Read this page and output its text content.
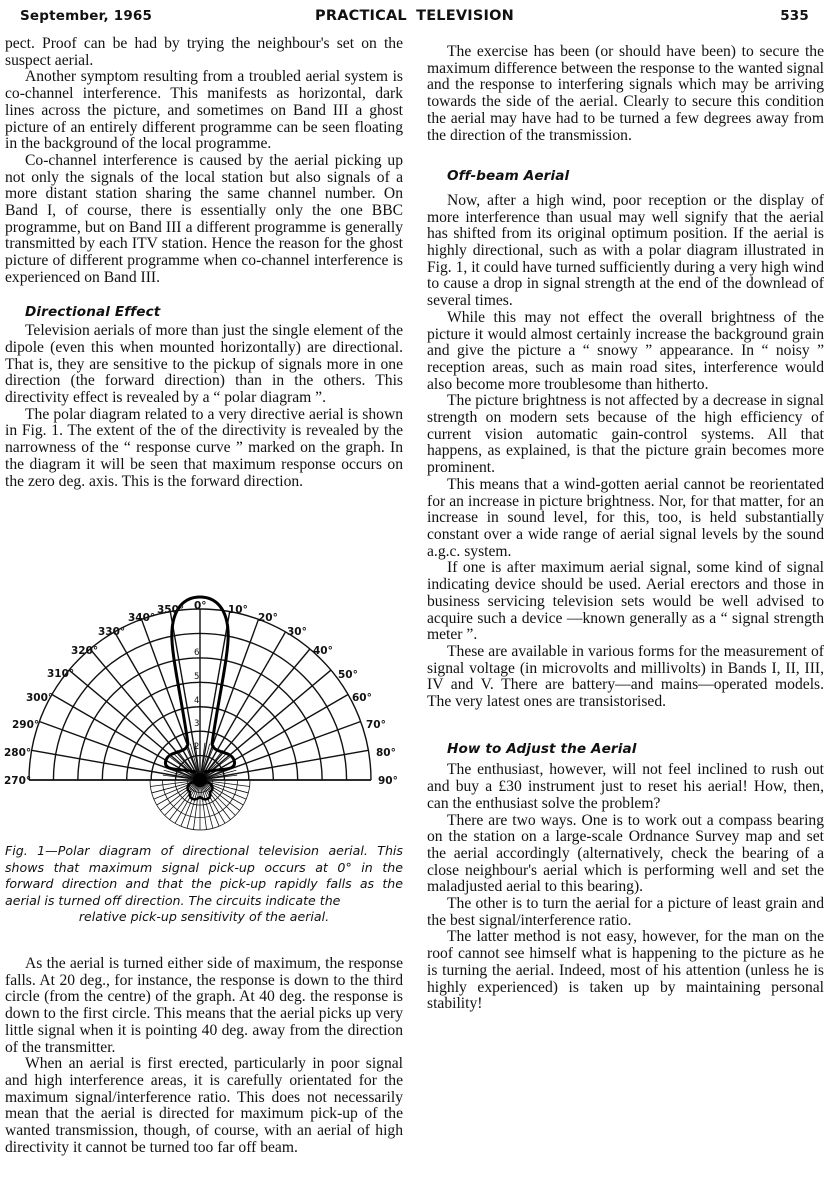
September, 1965	PRACTICAL TELEVISION	535

pect. Proof can be had by trying the neighbour's set on the suspect aerial.

Another symptom resulting from a troubled aerial system is co-channel interference. This manifests as horizontal, dark lines across the picture, and sometimes on Band III a ghost picture of an entirely different programme can be seen floating in the background of the local programme.

Co-channel interference is caused by the aerial picking up not only the signals of the local station but also signals of a more distant station sharing the same channel number. On Band I, of course, there is essentially only the one BBC programme, but on Band III a different programme is generally transmitted by each ITV station. Hence the reason for the ghost picture of different programme when co-channel interference is experienced on Band III.

Directional Effect

Television aerials of more than just the single element of the dipole (even this when mounted horizontally) are directional. That is, they are sensitive to the pickup of signals more in one direction (the forward direction) than in the others. This directivity effect is revealed by a “ polar diagram ”.

The polar diagram related to a very directive aerial is shown in Fig. 1. The extent of the of the directivity is revealed by the narrowness of the “ response curve ” marked on the graph. In the diagram it will be seen that maximum response occurs on the zero deg. axis. This is the forward direction.

270°
280°
290°
300°
310°
320°
330°
340°
350° 0° 10°
20°
30°
40°
50°
60°
70°
80°
90°
6
5
4
3
2
Fig. 1—Polar diagram of directional television aerial. This shows that maximum signal pick-up occurs at 0° in the forward direction and that the pick-up rapidly falls as the aerial is turned off direction. The circuits indicate the
relative pick-up sensitivity of the aerial.

As the aerial is turned either side of maximum, the response falls. At 20 deg., for instance, the response is down to the third circle (from the centre) of the graph. At 40 deg. the response is down to the first circle. This means that the aerial picks up very little signal when it is pointing 40 deg. away from the direction of the transmitter.

When an aerial is first erected, particularly in poor signal and high interference areas, it is carefully orientated for the maximum signal/interference ratio. This does not necessarily mean that the aerial is directed for maximum pick-up of the wanted transmission, though, of course, with an aerial of high directivity it cannot be turned too far off beam.

The exercise has been (or should have been) to secure the maximum difference between the response to the wanted signal and the response to interfering signals which may be arriving towards the side of the aerial. Clearly to secure this condition the aerial may have had to be turned a few degrees away from the direction of the transmission.

Off-beam Aerial

Now, after a high wind, poor reception or the display of more interference than usual may well signify that the aerial has shifted from its original optimum position. If the aerial is highly directional, such as with a polar diagram illustrated in Fig. 1, it could have turned sufficiently during a very high wind to cause a drop in signal strength at the end of the downlead of several times.

While this may not effect the overall brightness of the picture it would almost certainly increase the background grain and give the picture a “ snowy ” appearance. In “ noisy ” reception areas, such as main road sites, interference would also become more troublesome than hitherto.

The picture brightness is not affected by a decrease in signal strength on modern sets because of the high efficiency of current vision automatic gain-control systems. All that happens, as explained, is that the picture grain becomes more prominent.

This means that a wind-gotten aerial cannot be reorientated for an increase in picture brightness. Nor, for that matter, for an increase in sound level, for this, too, is held substantially constant over a wide range of aerial signal levels by the sound a.g.c. system.

If one is after maximum aerial signal, some kind of signal indicating device should be used. Aerial erectors and those in business servicing television sets would be well advised to acquire such a device —known generally as a “ signal strength meter ”.

These are available in various forms for the measurement of signal voltage (in microvolts and millivolts) in Bands I, II, III, IV and V. There are battery—and mains—operated models. The very latest ones are transistorised.

How to Adjust the Aerial

The enthusiast, however, will not feel inclined to rush out and buy a £30 instrument just to reset his aerial! How, then, can the enthusiast solve the problem?

There are two ways. One is to work out a compass bearing on the station on a large-scale Ordnance Survey map and set the aerial accordingly (alternatively, check the bearing of a close neighbour's aerial which is performing well and set the maladjusted aerial to this bearing).

The other is to turn the aerial for a picture of least grain and the best signal/interference ratio.

The latter method is not easy, however, for the man on the roof cannot see himself what is happening to the picture as he is turning the aerial. Indeed, most of his attention (unless he is highly experienced) is taken up by maintaining personal stability!
